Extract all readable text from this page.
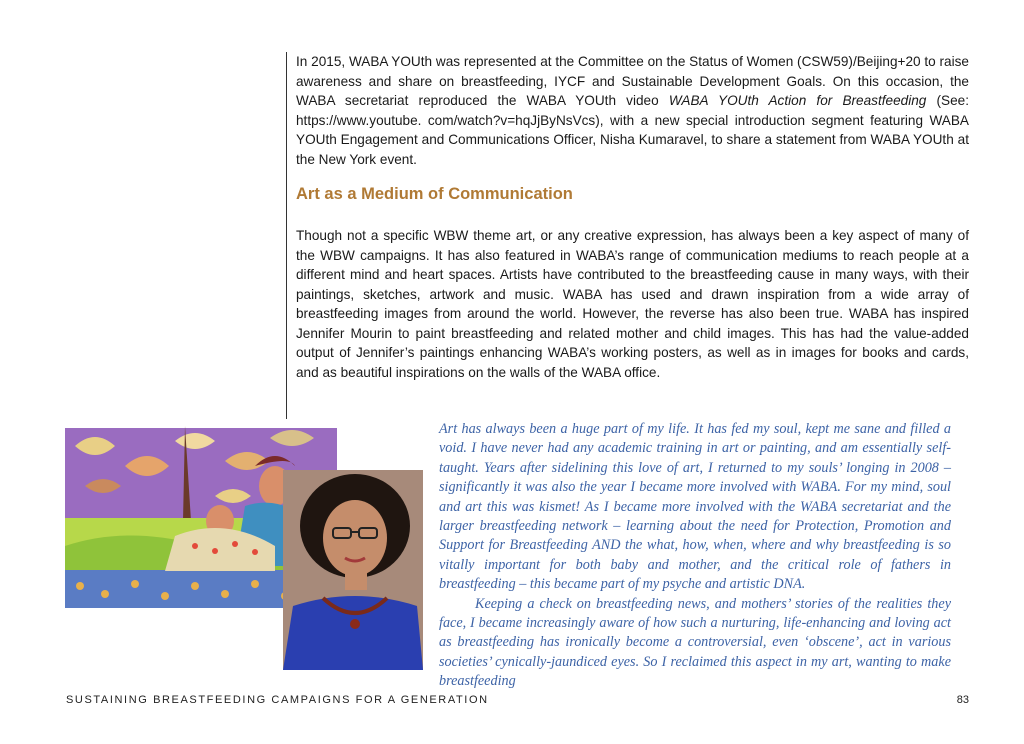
In 2015, WABA YOUth was represented at the Committee on the Status of Women (CSW59)/Beijing+20 to raise awareness and share on breastfeeding, IYCF and Sustainable Development Goals. On this occasion, the WABA secretariat reproduced the WABA YOUth video WABA YOUth Action for Breastfeeding (See: https://www.youtube. com/watch?v=hqJjByNsVcs), with a new special introduction segment featuring WABA YOUth Engagement and Communications Officer, Nisha Kumaravel, to share a statement from WABA YOUth at the New York event.

Art as a Medium of Communication

Though not a specific WBW theme art, or any creative expression, has always been a key aspect of many of the WBW campaigns. It has also featured in WABA’s range of communication mediums to reach people at a different mind and heart spaces. Artists have contributed to the breastfeeding cause in many ways, with their paintings, sketches, artwork and music. WABA has used and drawn inspiration from a wide array of breastfeeding images from around the world. However, the reverse has also been true. WABA has inspired Jennifer Mourin to paint breastfeeding and related mother and child images. This has had the value-added output of Jennifer’s paintings enhancing WABA’s working posters, as well as in images for books and cards, and as beautiful inspirations on the walls of the WABA office.

Art has always been a huge part of my life. It has fed my soul, kept me sane and filled a void. I have never had any academic training in art or painting, and am essentially self-taught. Years after sidelining this love of art, I returned to my souls’ longing in 2008 – significantly it was also the year I became more involved with WABA. For my mind, soul and art this was kismet! As I became more involved with the WABA secretariat and the larger breastfeeding network – learning about the need for Protection, Promotion and Support for Breastfeeding AND the what, how, when, where and why breastfeeding is so vitally important for both baby and mother, and the critical role of fathers in breastfeeding – this became part of my psyche and artistic DNA.

Keeping a check on breastfeeding news, and mothers’ stories of the realities they face, I became increasingly aware of how such a nurturing, life-enhancing and loving act as breastfeeding has ironically become a controversial, even ‘obscene’, act in various societies’ cynically-jaundiced eyes. So I reclaimed this aspect in my art, wanting to make breastfeeding

SUSTAINING BREASTFEEDING CAMPAIGNS FOR A GENERATION	83
